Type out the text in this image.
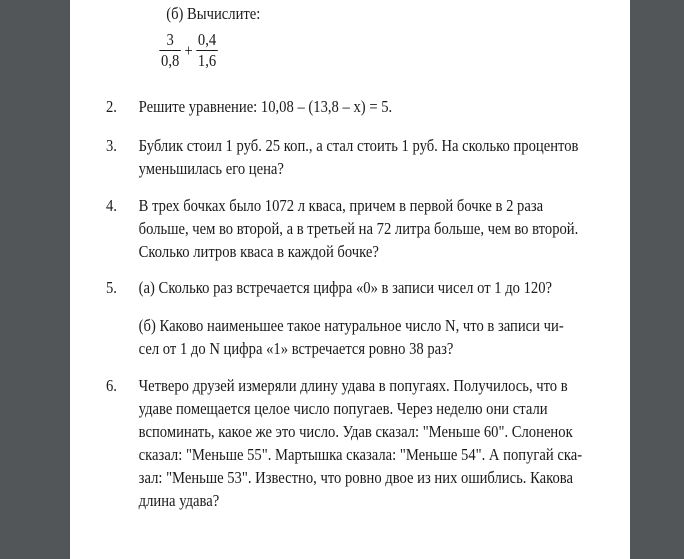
(б) Вычислите:
$\frac{3}{0,8} + \frac{0,4}{1,6}$
2.	Решите уравнение: 10,08 – (13,8 – x) = 5.
3.	Бублик стоил 1 руб. 25 коп., а стал стоить 1 руб. На сколько процентов
уменьшилась его цена?
4.	В трех бочках было 1072 л кваса, причем в первой бочке в 2 раза
больше, чем во второй, а в третьей на 72 литра больше, чем во второй.
Сколько литров кваса в каждой бочке?
5.	(а) Сколько раз встречается цифра «0» в записи чисел от 1 до 120?
(б) Каково наименьшее такое натуральное число N, что в записи чи-
сел от 1 до N цифра «1» встречается ровно 38 раз?
6.	Четверо друзей измеряли длину удава в попугаях. Получилось, что в
удаве помещается целое число попугаев. Через неделю они стали
вспоминать, какое же это число. Удав сказал: "Меньше 60". Слоненок
сказал: "Меньше 55". Мартышка сказала: "Меньше 54". А попугай ска-
зал: "Меньше 53". Известно, что ровно двое из них ошиблись. Какова
длина удава?
